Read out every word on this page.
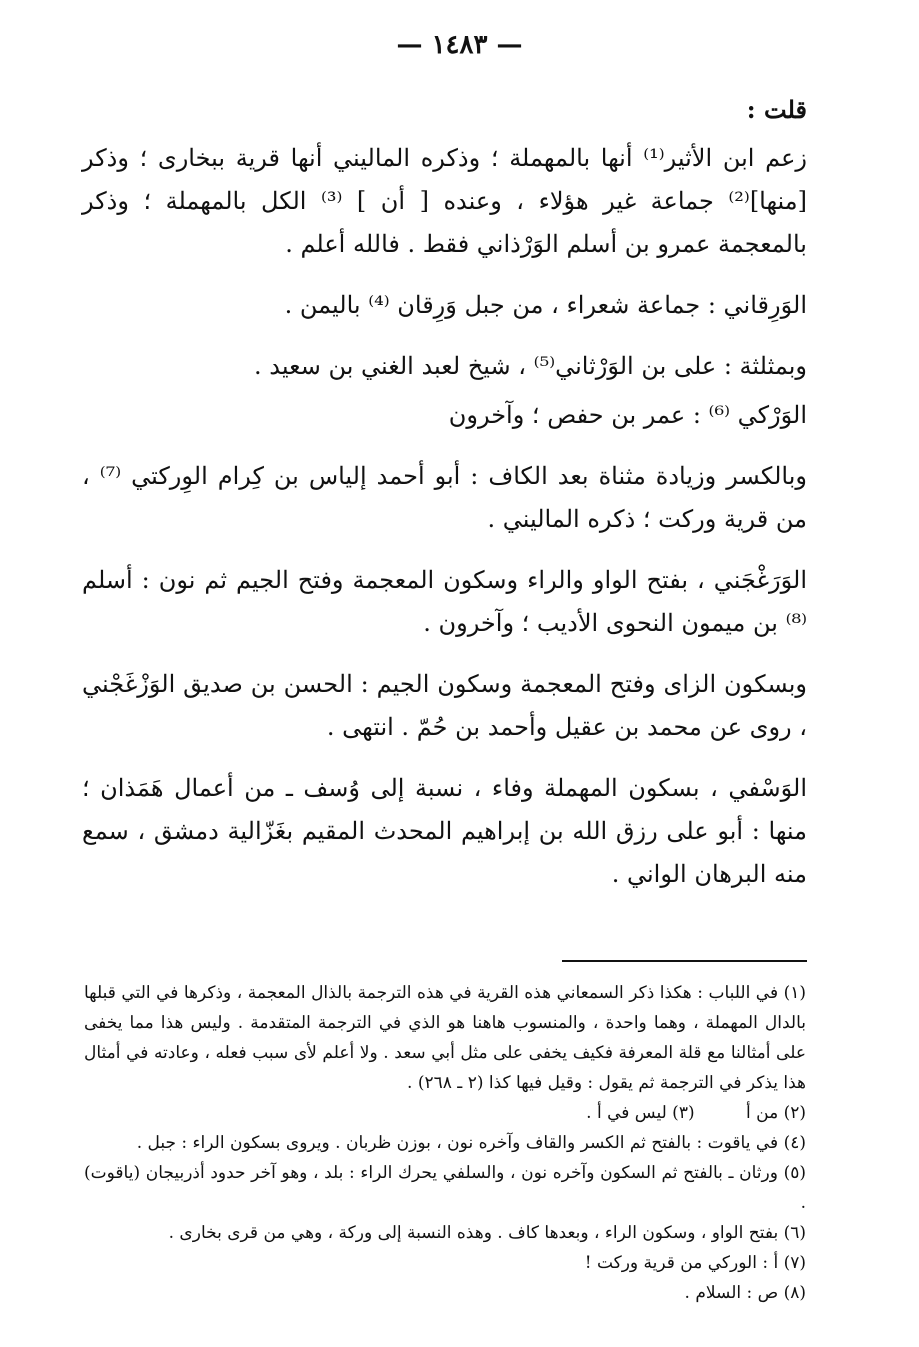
— ١٤٨٣ —

قلت :

زعم ابن الأثير⁽¹⁾ أنها بالمهملة ؛ وذكره الماليني أنها قرية ببخارى ؛ وذكر [منها]⁽²⁾ جماعة غير هؤلاء ، وعنده [ أن ] ⁽³⁾ الكل بالمهملة ؛ وذكر بالمعجمة عمرو بن أسلم الوَرْذاني فقط . فالله أعلم .

الوَرِقاني : جماعة شعراء ، من جبل وَرِقان ⁽⁴⁾ باليمن .

وبمثلثة : على بن الوَرْثاني⁽⁵⁾ ، شيخ لعبد الغني بن سعيد .

الوَرْكي ⁽⁶⁾ : عمر بن حفص ؛ وآخرون

وبالكسر وزيادة مثناة بعد الكاف : أبو أحمد إلياس بن كِرام الوِركتي ⁽⁷⁾ ، من قرية وركت ؛ ذكره الماليني .

الوَرَغْجَني ، بفتح الواو والراء وسكون المعجمة وفتح الجيم ثم نون : أسلم ⁽⁸⁾ بن ميمون النحوى الأديب ؛ وآخرون .

وبسكون الزاى وفتح المعجمة وسكون الجيم : الحسن بن صديق الوَزْغَجْني ، روى عن محمد بن عقيل وأحمد بن حُمّ . انتهى .

الوَسْفي ، بسكون المهملة وفاء ، نسبة إلى وُسف ـ من أعمال هَمَذان ؛ منها : أبو على رزق الله بن إبراهيم المحدث المقيم بغَزّالية دمشق ، سمع منه البرهان الواني .

(١) في اللباب : هكذا ذكر السمعاني هذه القرية في هذه الترجمة بالذال المعجمة ، وذكرها في التي قبلها بالدال المهملة ، وهما واحدة ، والمنسوب هاهنا هو الذي في الترجمة المتقدمة . وليس هذا مما يخفى على أمثالنا مع قلة المعرفة فكيف يخفى على مثل أبي سعد . ولا أعلم لأى سبب فعله ، وعادته في أمثال هذا يذكر في الترجمة ثم يقول : وقيل فيها كذا (٢ ـ ٢٦٨) .

(٢) من أ (٣) ليس في أ .

(٤) في ياقوت : بالفتح ثم الكسر والقاف وآخره نون ، بوزن ظربان . ويروى بسكون الراء : جبل .

(٥) ورثان ـ بالفتح ثم السكون وآخره نون ، والسلفي يحرك الراء : بلد ، وهو آخر حدود أذربيجان (ياقوت) .

(٦) بفتح الواو ، وسكون الراء ، وبعدها كاف . وهذه النسبة إلى وركة ، وهي من قرى بخارى .

(٧) أ : الوركي من قرية وركت !

(٨) ص : السلام .
